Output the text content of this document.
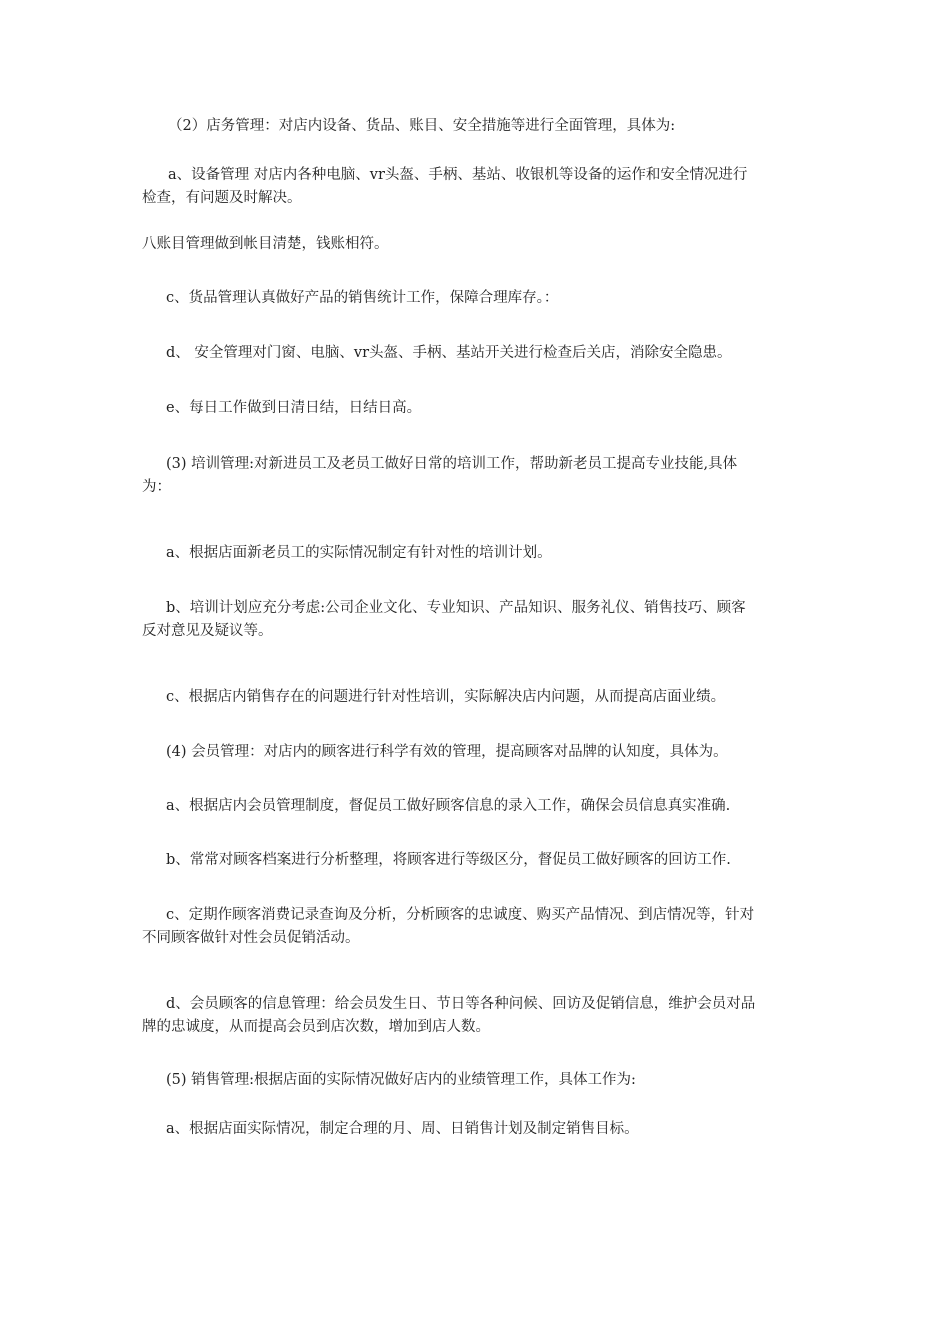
（2）店务管理：对店内设备、货品、账目、安全措施等进行全面管理，具体为:
a、设备管理 对店内各种电脑、vr头盔、手柄、基站、收银机等设备的运作和安全情况进行
检查，有问题及时解决。
八账目管理做到帐目清楚，钱账相符。
c、货品管理认真做好产品的销售统计工作，保障合理库存。：
d、 安全管理对门窗、电脑、vr头盔、手柄、基站开关进行检查后关店，消除安全隐患。
e、每日工作做到日清日结，日结日高。
(3) 培训管理:对新进员工及老员工做好日常的培训工作，帮助新老员工提高专业技能,具体
为：
a、根据店面新老员工的实际情况制定有针对性的培训计划。
b、培训计划应充分考虑:公司企业文化、专业知识、产品知识、服务礼仪、销售技巧、顾客
反对意见及疑议等。
c、根据店内销售存在的问题进行针对性培训，实际解决店内问题，从而提高店面业绩。
(4) 会员管理：对店内的顾客进行科学有效的管理，提高顾客对品牌的认知度，具体为。
a、根据店内会员管理制度，督促员工做好顾客信息的录入工作，确保会员信息真实准确.
b、常常对顾客档案进行分析整理，将顾客进行等级区分，督促员工做好顾客的回访工作.
c、定期作顾客消费记录查询及分析，分析顾客的忠诚度、购买产品情况、到店情况等，针对
不同顾客做针对性会员促销活动。
d、会员顾客的信息管理：给会员发生日、节日等各种问候、回访及促销信息，维护会员对品
牌的忠诚度，从而提高会员到店次数，增加到店人数。
(5) 销售管理:根据店面的实际情况做好店内的业绩管理工作，具体工作为:
a、根据店面实际情况，制定合理的月、周、日销售计划及制定销售目标。
